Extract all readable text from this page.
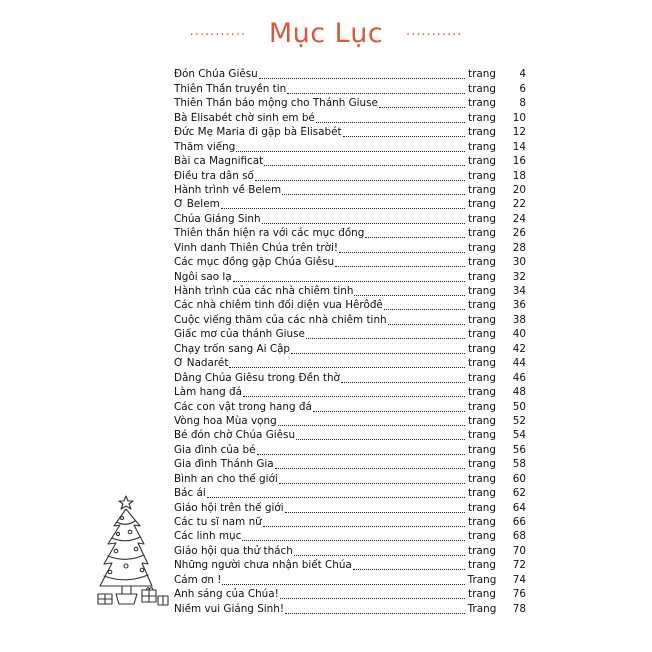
........... Mục Lục	...........
Đón Chúa Giêsu	trang	4
Thiên Thần truyền tin	trang	6
Thiên Thần báo mộng cho Thánh Giuse	trang	8
Bà Êlisabét chờ sinh em bé	trang	10
Đức Mẹ Maria đi gặp bà Êlisabét	trang	12
Thăm viếng	trang	14
Bài ca Magnificat	trang	16
Điều tra dân số	trang	18
Hành trình về Belem	trang	20
Ở Belem	trang	22
Chúa Giáng Sinh	trang	24
Thiên thần hiện ra với các mục đồng	trang	26
Vinh danh Thiên Chúa trên trời!	trang	28
Các mục đồng gặp Chúa Giêsu	trang	30
Ngôi sao lạ	trang	32
Hành trình của các nhà chiêm tinh	trang	34
Các nhà chiêm tinh đối diện vua Hêrôđê	trang	36
Cuộc viếng thăm của các nhà chiêm tinh	trang	38
Giấc mơ của thánh Giuse	trang	40
Chạy trốn sang Ai Cập	trang	42
Ở Nadarét	trang	44
Dâng Chúa Giêsu trong Đền thờ	trang	46
Làm hang đá	trang	48
Các con vật trong hang đá	trang	50
Vòng hoa Mùa vọng	trang	52
Bé đón chờ Chúa Giêsu	trang	54
Gia đình của bé	trang	56
Gia đình Thánh Gia	trang	58
Bình an cho thế giới	trang	60
Bác ái	trang	62
Giáo hội trên thế giới	trang	64
Các tu sĩ nam nữ	trang	66
Các linh mục	trang	68
Giáo hội qua thử thách	trang	70
Những người chưa nhận biết Chúa	trang	72
Cám ơn !	Trang	74
Ánh sáng của Chúa!	trang	76
Niềm vui Giáng Sinh!	Trang	78
